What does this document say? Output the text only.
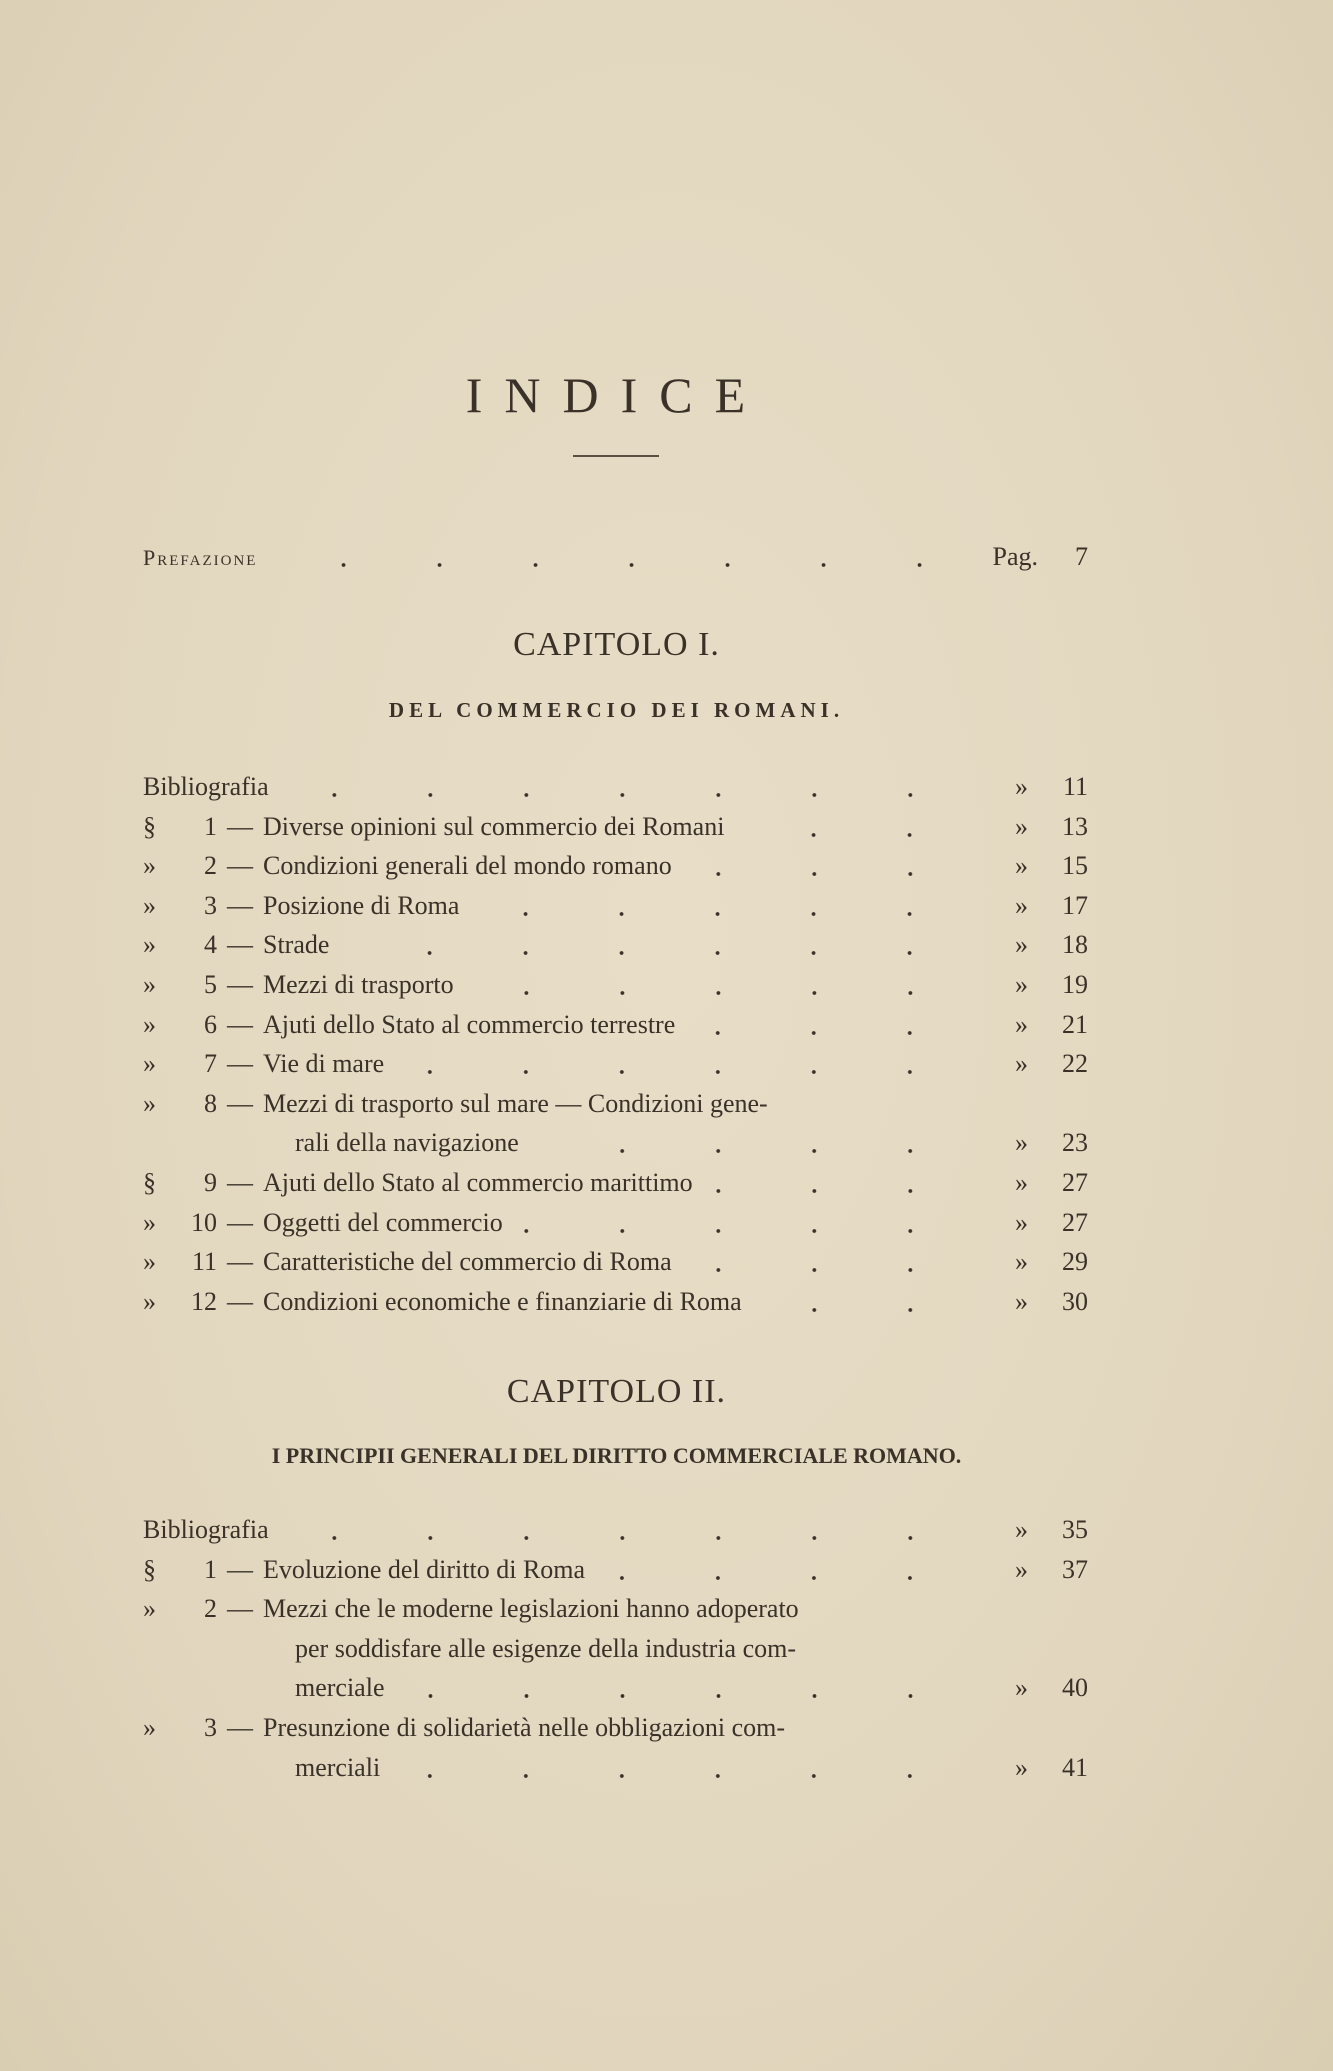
INDICE
Prefazione	Pag.	7
CAPITOLO I.
DEL COMMERCIO DEI ROMANI.
CAPITOLO II.
I PRINCIPII GENERALI DEL DIRITTO COMMERCIALE ROMANO.
Bibliografia	»	11
§	1 — Diverse opinioni sul commercio dei Romani	»	13
»	2 — Condizioni generali del mondo romano	»	15
»	3 — Posizione di Roma	»	17
»	4 — Strade	»	18
»	5 — Mezzi di trasporto	»	19
»	6 — Ajuti dello Stato al commercio terrestre	»	21
»	7 — Vie di mare	»	22
»	8 — Mezzi di trasporto sul mare — Condizioni gene-
rali della navigazione	»	23
§	9 — Ajuti dello Stato al commercio marittimo	»	27
»	10 — Oggetti del commercio	»	27
»	11 — Caratteristiche del commercio di Roma	»	29
»	12 — Condizioni economiche e finanziarie di Roma	»	30
Bibliografia	»	35
§	1 — Evoluzione del diritto di Roma	»	37
»	2 — Mezzi che le moderne legislazioni hanno adoperato
per soddisfare alle esigenze della industria com-
merciale	»	40
»	3 — Presunzione di solidarietà nelle obbligazioni com-
merciali	»	41
